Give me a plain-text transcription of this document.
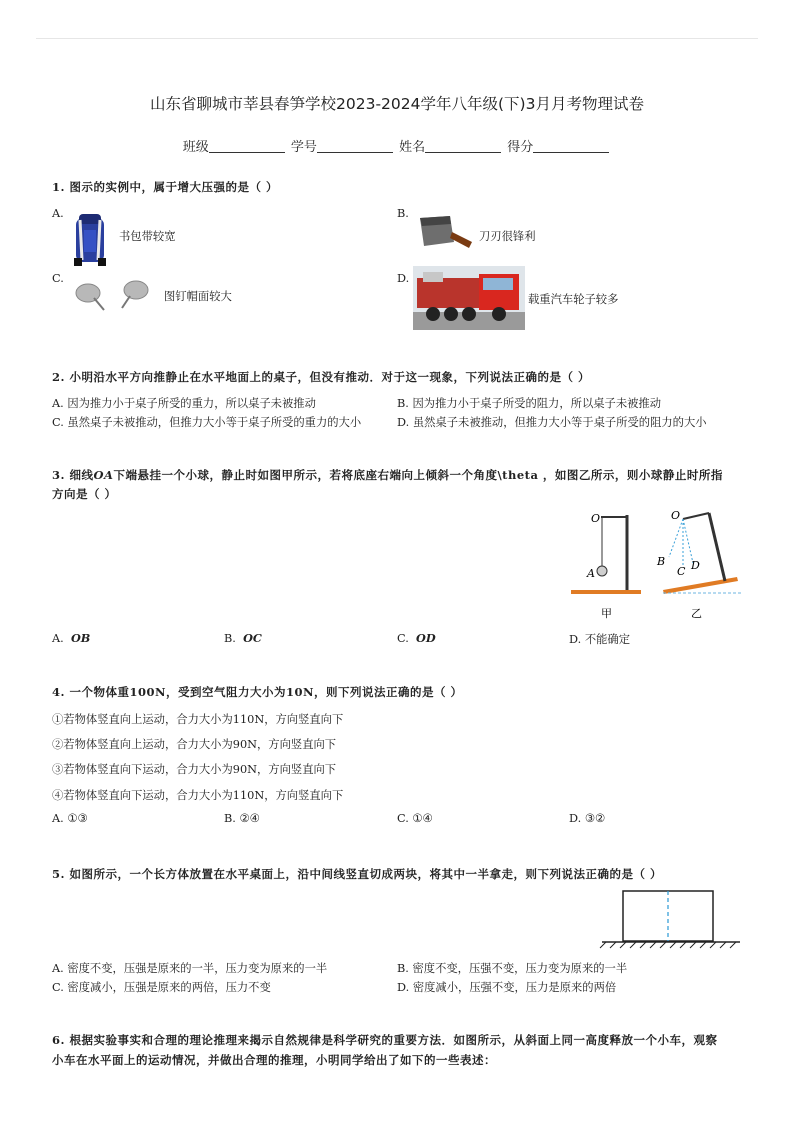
山东省聊城市莘县春笋学校2023-2024学年八年级(下)3月月考物理试卷
班级	学号	姓名	得分
1. 图示的实例中，属于增大压强的是（ ）
A.
书包带较宽
B.
刀刃很锋利
C.
图钉帽面较大
D.
载重汽车轮子较多
2. 小明沿水平方向推静止在水平地面上的桌子，但没有推动．对于这一现象，下列说法正确的是（ ）
A. 因为推力小于桌子所受的重力，所以桌子未被推动	B. 因为推力小于桌子所受的阻力，所以桌子未被推动
C. 虽然桌子未被推动，但推力大小等于桌子所受的重力的大小	D. 虽然桌子未被推动，但推力大小等于桌子所受的阻力的大小
3. 细线OA下端悬挂一个小球，静止时如图甲所示，若将底座右端向上倾斜一个角度\theta ，如图乙所示，则小球静止时所指
方向是（ ）
O
A
甲
O
B
C D
乙
A. OB	B. OC	C. OD	D. 不能确定
4. 一个物体重100N，受到空气阻力大小为10N，则下列说法正确的是（ ）
①若物体竖直向上运动，合力大小为110N，方向竖直向下
②若物体竖直向上运动，合力大小为90N，方向竖直向下
③若物体竖直向下运动，合力大小为90N，方向竖直向下
④若物体竖直向下运动，合力大小为110N，方向竖直向下
A. ①③	B. ②④	C. ①④	D. ③②
5. 如图所示，一个长方体放置在水平桌面上，沿中间线竖直切成两块，将其中一半拿走，则下列说法正确的是（ ）
A. 密度不变，压强是原来的一半，压力变为原来的一半	B. 密度不变，压强不变，压力变为原来的一半
C. 密度减小，压强是原来的两倍，压力不变	D. 密度减小，压强不变，压力是原来的两倍
6. 根据实验事实和合理的理论推理来揭示自然规律是科学研究的重要方法．如图所示，从斜面上同一高度释放一个小车，观察
小车在水平面上的运动情况，并做出合理的推理，小明同学给出了如下的一些表述：
